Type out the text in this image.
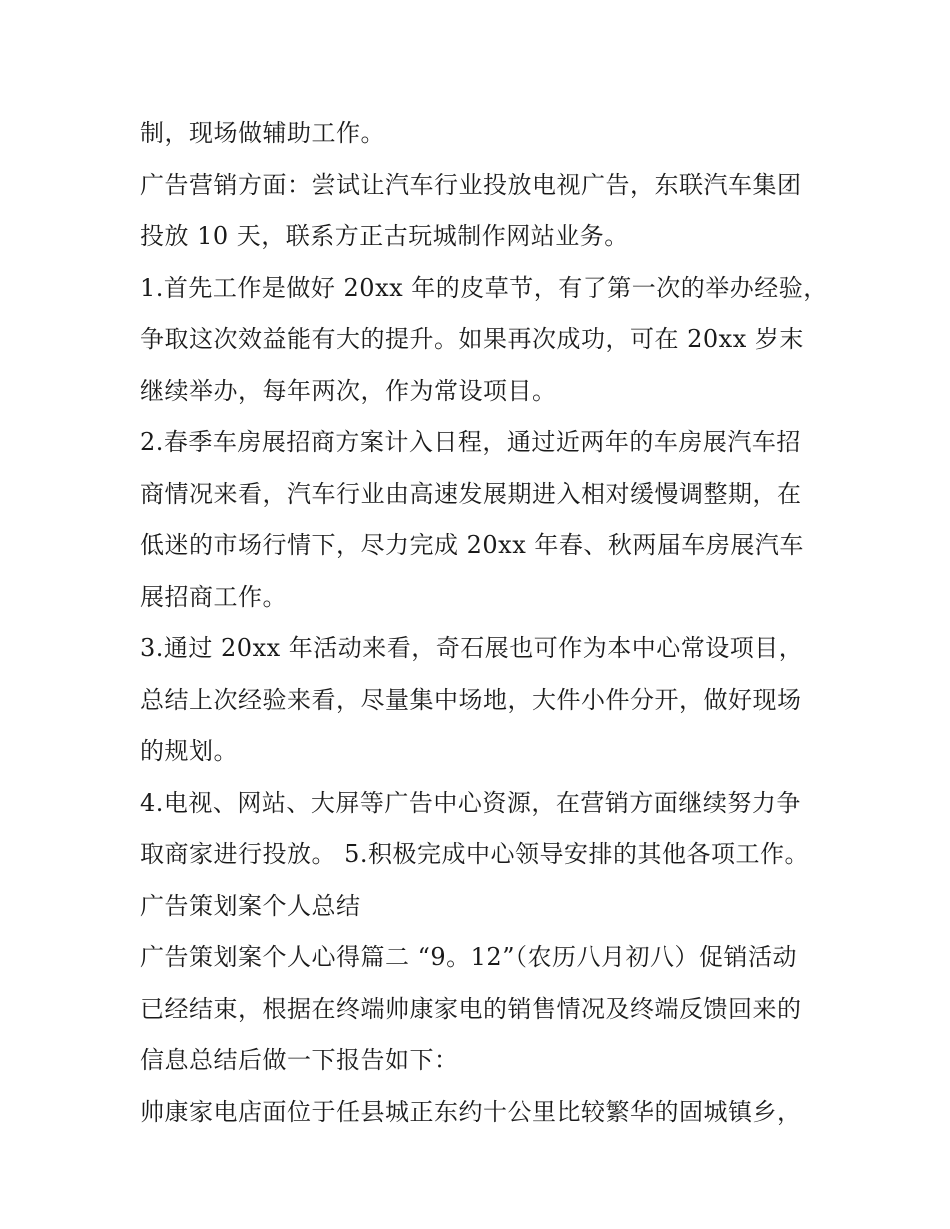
制，现场做辅助工作。
广告营销方面：尝试让汽车行业投放电视广告，东联汽车集团
投放 10 天，联系方正古玩城制作网站业务。
1.首先工作是做好 20xx 年的皮草节，有了第一次的举办经验，
争取这次效益能有大的提升。如果再次成功，可在 20xx 岁末
继续举办，每年两次，作为常设项目。
2.春季车房展招商方案计入日程，通过近两年的车房展汽车招
商情况来看，汽车行业由高速发展期进入相对缓慢调整期，在
低迷的市场行情下，尽力完成 20xx 年春、秋两届车房展汽车
展招商工作。
3.通过 20xx 年活动来看，奇石展也可作为本中心常设项目，
总结上次经验来看，尽量集中场地，大件小件分开，做好现场
的规划。
4.电视、网站、大屏等广告中心资源，在营销方面继续努力争
取商家进行投放。 5.积极完成中心领导安排的其他各项工作。
广告策划案个人总结
广告策划案个人心得篇二 “9。12”（农历八月初八）促销活动
已经结束，根据在终端帅康家电的销售情况及终端反馈回来的
信息总结后做一下报告如下：
帅康家电店面位于任县城正东约十公里比较繁华的固城镇乡，
